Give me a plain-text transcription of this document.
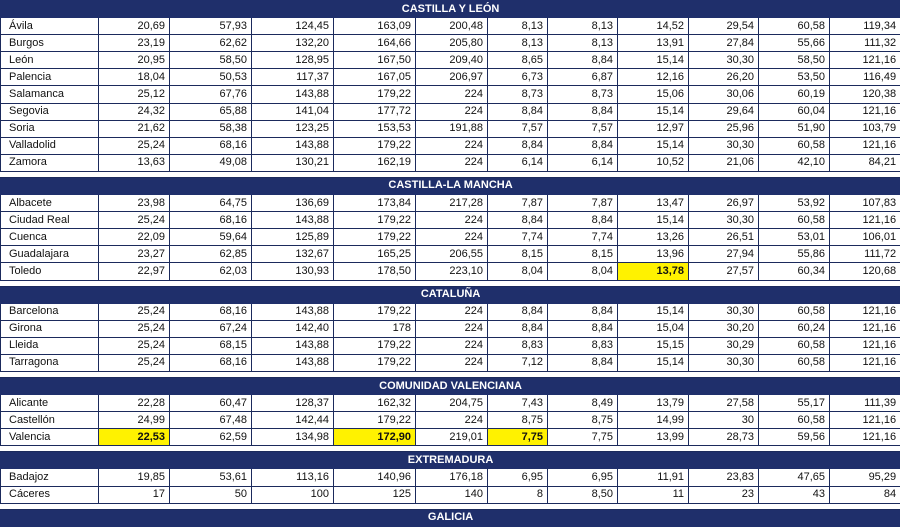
CASTILLA Y LEÓN											
Ávila	20,69	57,93	124,45	163,09	200,48	8,13	8,13	14,52	29,54	60,58	119,34
Burgos	23,19	62,62	132,20	164,66	205,80	8,13	8,13	13,91	27,84	55,66	111,32
León	20,95	58,50	128,95	167,50	209,40	8,65	8,84	15,14	30,30	58,50	121,16
Palencia	18,04	50,53	117,37	167,05	206,97	6,73	6,87	12,16	26,20	53,50	116,49
Salamanca	25,12	67,76	143,88	179,22	224	8,73	8,73	15,06	30,06	60,19	120,38
Segovia	24,32	65,88	141,04	177,72	224	8,84	8,84	15,14	29,64	60,04	121,16
Soria	21,62	58,38	123,25	153,53	191,88	7,57	7,57	12,97	25,96	51,90	103,79
Valladolid	25,24	68,16	143,88	179,22	224	8,84	8,84	15,14	30,30	60,58	121,16
Zamora	13,63	49,08	130,21	162,19	224	6,14	6,14	10,52	21,06	42,10	84,21

CASTILLA-LA MANCHA											
Albacete	23,98	64,75	136,69	173,84	217,28	7,87	7,87	13,47	26,97	53,92	107,83
Ciudad Real	25,24	68,16	143,88	179,22	224	8,84	8,84	15,14	30,30	60,58	121,16
Cuenca	22,09	59,64	125,89	179,22	224	7,74	7,74	13,26	26,51	53,01	106,01
Guadalajara	23,27	62,85	132,67	165,25	206,55	8,15	8,15	13,96	27,94	55,86	111,72
Toledo	22,97	62,03	130,93	178,50	223,10	8,04	8,04	13,78	27,57	60,34	120,68

CATALUÑA											
Barcelona	25,24	68,16	143,88	179,22	224	8,84	8,84	15,14	30,30	60,58	121,16
Girona	25,24	67,24	142,40	178	224	8,84	8,84	15,04	30,20	60,24	121,16
Lleida	25,24	68,15	143,88	179,22	224	8,83	8,83	15,15	30,29	60,58	121,16
Tarragona	25,24	68,16	143,88	179,22	224	7,12	8,84	15,14	30,30	60,58	121,16

COMUNIDAD VALENCIANA											
Alicante	22,28	60,47	128,37	162,32	204,75	7,43	8,49	13,79	27,58	55,17	111,39
Castellón	24,99	67,48	142,44	179,22	224	8,75	8,75	14,99	30	60,58	121,16
Valencia	22,53	62,59	134,98	172,90	219,01	7,75	7,75	13,99	28,73	59,56	121,16

EXTREMADURA											
Badajoz	19,85	53,61	113,16	140,96	176,18	6,95	6,95	11,91	23,83	47,65	95,29
Cáceres	17	50	100	125	140	8	8,50	11	23	43	84

GALICIA											
